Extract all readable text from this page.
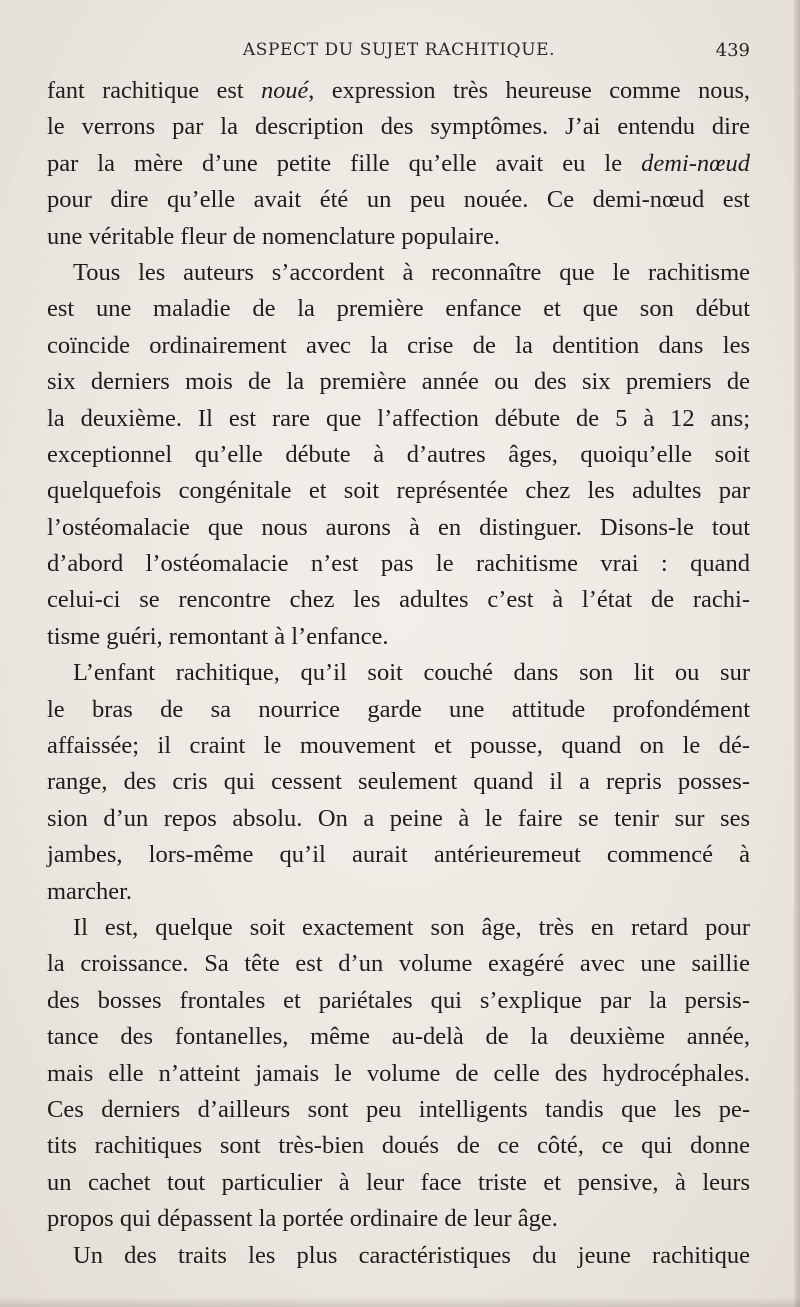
ASPECT DU SUJET RACHITIQUE.	439
fant rachitique est noué, expression très heureuse comme nous,
le verrons par la description des symptômes. J’ai entendu dire
par la mère d’une petite fille qu’elle avait eu le demi-nœud
pour dire qu’elle avait été un peu nouée. Ce demi-nœud est
une véritable fleur de nomenclature populaire.
Tous les auteurs s’accordent à reconnaître que le rachitisme
est une maladie de la première enfance et que son début
coïncide ordinairement avec la crise de la dentition dans les
six derniers mois de la première année ou des six premiers de
la deuxième. Il est rare que l’affection débute de 5 à 12 ans;
exceptionnel qu’elle débute à d’autres âges, quoiqu’elle soit
quelquefois congénitale et soit représentée chez les adultes par
l’ostéomalacie que nous aurons à en distinguer. Disons-le tout
d’abord l’ostéomalacie n’est pas le rachitisme vrai : quand
celui-ci se rencontre chez les adultes c’est à l’état de rachi-
tisme guéri, remontant à l’enfance.
L’enfant rachitique, qu’il soit couché dans son lit ou sur
le bras de sa nourrice garde une attitude profondément
affaissée; il craint le mouvement et pousse, quand on le dé-
range, des cris qui cessent seulement quand il a repris posses-
sion d’un repos absolu. On a peine à le faire se tenir sur ses
jambes, lors-même qu’il aurait antérieuremeut commencé à
marcher.
Il est, quelque soit exactement son âge, très en retard pour
la croissance. Sa tête est d’un volume exagéré avec une saillie
des bosses frontales et pariétales qui s’explique par la persis-
tance des fontanelles, même au-delà de la deuxième année,
mais elle n’atteint jamais le volume de celle des hydrocéphales.
Ces derniers d’ailleurs sont peu intelligents tandis que les pe-
tits rachitiques sont très-bien doués de ce côté, ce qui donne
un cachet tout particulier à leur face triste et pensive, à leurs
propos qui dépassent la portée ordinaire de leur âge.
Un des traits les plus caractéristiques du jeune rachitique
